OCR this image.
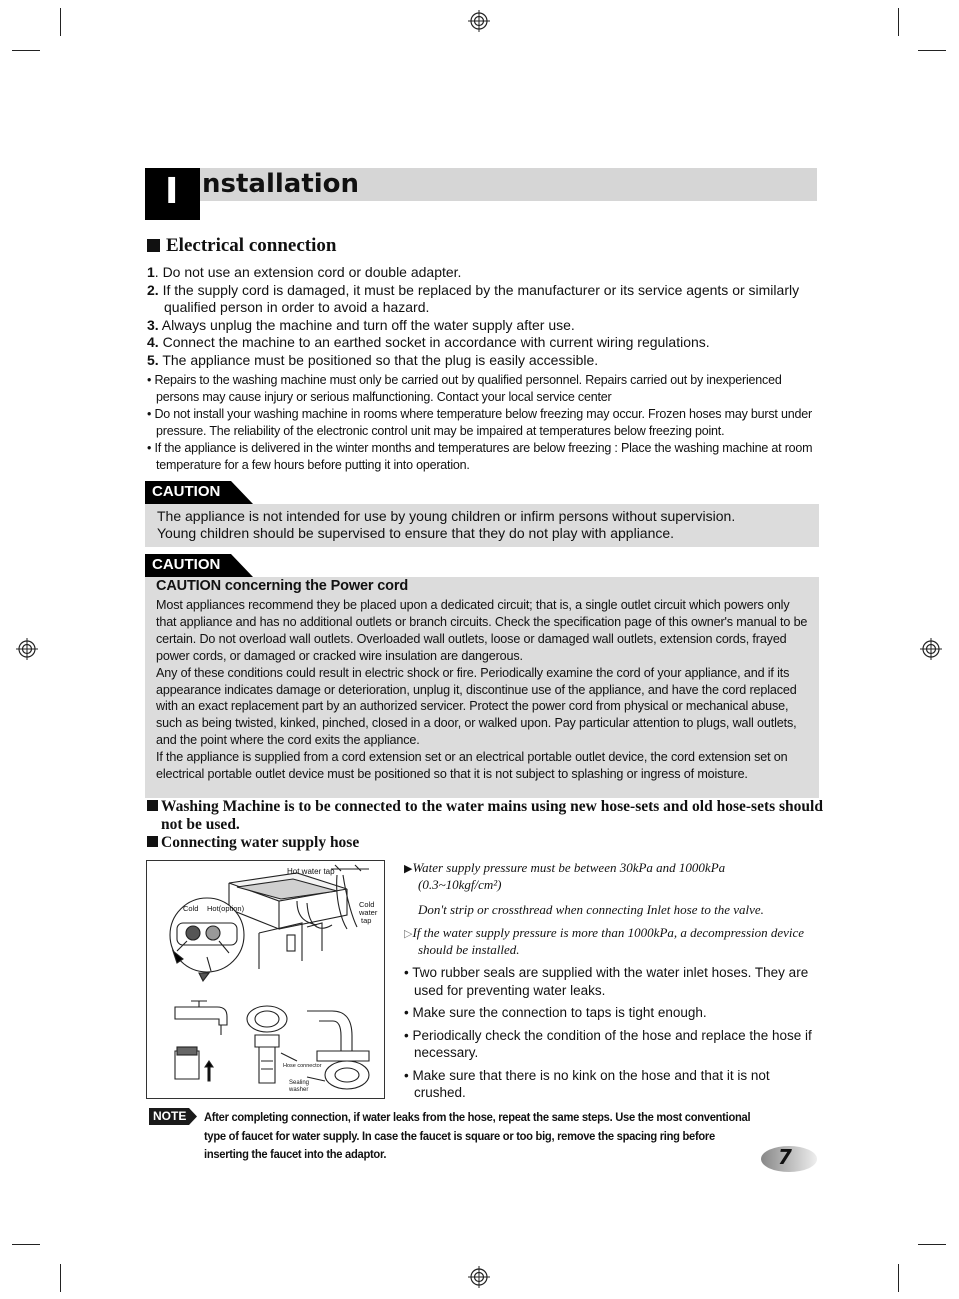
I nstallation
Electrical connection
1. Do not use an extension cord or double adapter.
2. If the supply cord is damaged, it must be replaced by the manufacturer or its service agents or similarly qualified person in order to avoid a hazard.
3. Always unplug the machine and turn off the water supply after use.
4. Connect the machine to an earthed socket in accordance with current wiring regulations.
5. The appliance must be positioned so that the plug is easily accessible.
• Repairs to the washing machine must only be carried out by qualified personnel. Repairs carried out by inexperienced persons may cause injury or serious malfunctioning. Contact your local service center
• Do not install your washing machine in rooms where temperature below freezing may occur. Frozen hoses may burst under pressure. The reliability of the electronic control unit may be impaired at temperatures below freezing point.
• If the appliance is delivered in the winter months and temperatures are below freezing : Place the washing machine at room temperature for a few hours before putting it into operation.
CAUTION
The appliance is not intended for use by young children or infirm persons without supervision.
Young children should be supervised to ensure that they do not play with appliance.
CAUTION
CAUTION concerning the Power cord
Most appliances recommend they be placed upon a dedicated circuit; that is, a single outlet circuit which powers only that appliance and has no additional outlets or branch circuits. Check the specification page of this owner's manual to be certain. Do not overload wall outlets. Overloaded wall outlets, loose or damaged wall outlets, extension cords, frayed power cords, or damaged or cracked wire insulation are dangerous.
Any of these conditions could result in electric shock or fire. Periodically examine the cord of your appliance, and if its appearance indicates damage or deterioration, unplug it, discontinue use of the appliance, and have the cord replaced with an exact replacement part by an authorized servicer. Protect the power cord from physical or mechanical abuse, such as being twisted, kinked, pinched, closed in a door, or walked upon. Pay particular attention to plugs, wall outlets, and the point where the cord exits the appliance.
If the appliance is supplied from a cord extension set or an electrical portable outlet device, the cord extension set on electrical portable outlet device must be positioned so that it is not subject to splashing or ingress of moisture.
Washing Machine is to be connected to the water mains using new hose-sets and old hose-sets should not be used.
Connecting water supply hose
Hot water tap
Cold
water
tap
Cold Hot(option)
Hose connector
Sealing
washer
▶Water supply pressure must be between 30kPa and 1000kPa
(0.3~10kgf/cm²)
Don't strip or crossthread when connecting Inlet hose to the valve.
▷If the water supply pressure is more than 1000kPa, a decompression device
should be installed.
• Two rubber seals are supplied with the water inlet hoses. They are used for preventing water leaks.
• Make sure the connection to taps is tight enough.
• Periodically check the condition of the hose and replace the hose if necessary.
• Make sure that there is no kink on the hose and that it is not crushed.
NOTE After completing connection, if water leaks from the hose, repeat the same steps. Use the most conventional type of faucet for water supply. In case the faucet is square or too big, remove the spacing ring before inserting the faucet into the adaptor.	7
